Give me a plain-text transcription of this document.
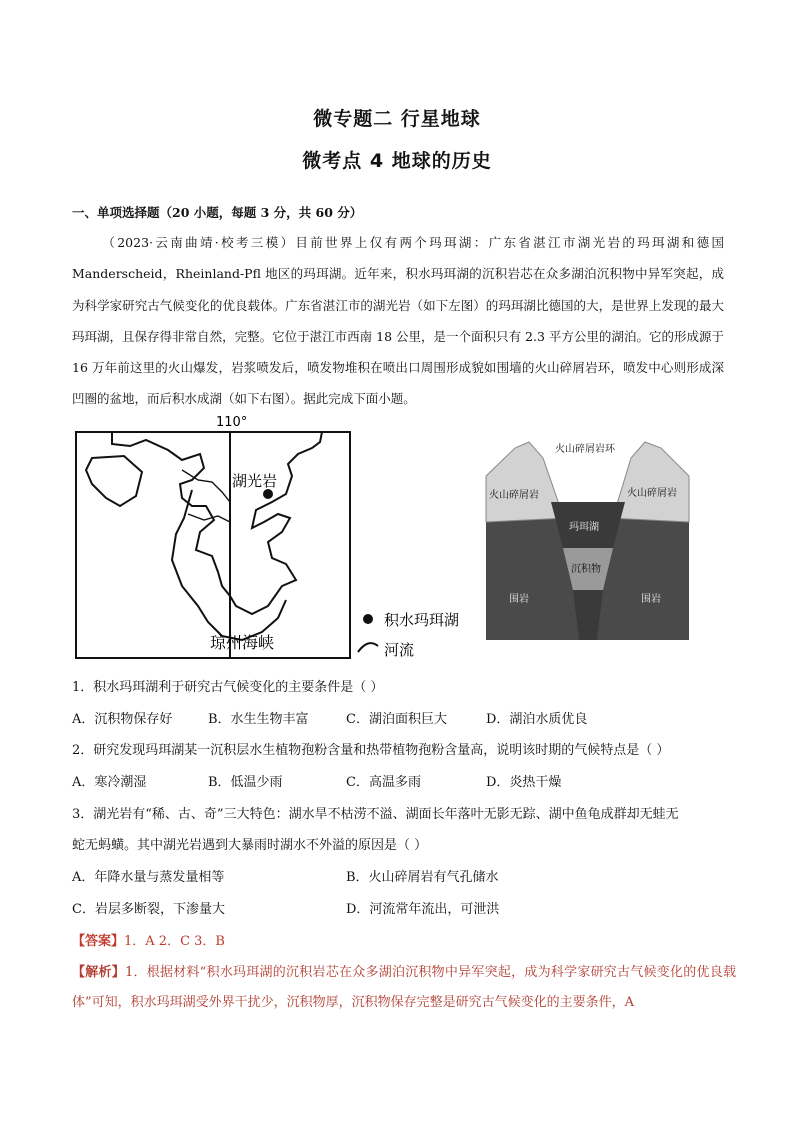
微专题二 行星地球
微考点 4 地球的历史
一、单项选择题（20 小题，每题 3 分，共 60 分）
（2023·云南曲靖·校考三模）目前世界上仅有两个玛珥湖：广东省湛江市湖光岩的玛珥湖和德国Manderscheid，Rheinland-Pfl 地区的玛珥湖。近年来，积水玛珥湖的沉积岩芯在众多湖泊沉积物中异军突起，成为科学家研究古气候变化的优良载体。广东省湛江市的湖光岩（如下左图）的玛珥湖比德国的大，是世界上发现的最大玛珥湖，且保存得非常自然，完整。它位于湛江市西南 18 公里，是一个面积只有 2.3 平方公里的湖泊。它的形成源于 16 万年前这里的火山爆发，岩浆喷发后，喷发物堆积在喷出口周围形成貌如围墙的火山碎屑岩环，喷发中心则形成深凹圈的盆地，而后积水成湖（如下右图）。据此完成下面小题。
110°
湖光岩
琼州海峡
积水玛珥湖
河流
火山碎屑岩环
火山碎屑岩	火山碎屑岩
玛珥湖
沉积物
围岩	围岩
1．积水玛珥湖利于研究古气候变化的主要条件是（ ）
A．沉积物保存好	B．水生生物丰富	C．湖泊面积巨大	D．湖泊水质优良
2．研究发现玛珥湖某一沉积层水生植物孢粉含量和热带植物孢粉含量高，说明该时期的气候特点是（ ）
A．寒冷潮湿	B．低温少雨	C．高温多雨	D．炎热干燥
3．湖光岩有“稀、古、奇”三大特色：湖水旱不枯涝不溢、湖面长年落叶无影无踪、湖中鱼龟成群却无蛙无
蛇无蚂蟥。其中湖光岩遇到大暴雨时湖水不外溢的原因是（ ）
A．年降水量与蒸发量相等	B．火山碎屑岩有气孔储水
C．岩层多断裂，下渗量大	D．河流常年流出，可泄洪
【答案】1．A 2．C 3．B
【解析】1．根据材料“积水玛珥湖的沉积岩芯在众多湖泊沉积物中异军突起，成为科学家研究古气候变化的优良载体”可知，积水玛珥湖受外界干扰少，沉积物厚，沉积物保存完整是研究古气候变化的主要条件，A
